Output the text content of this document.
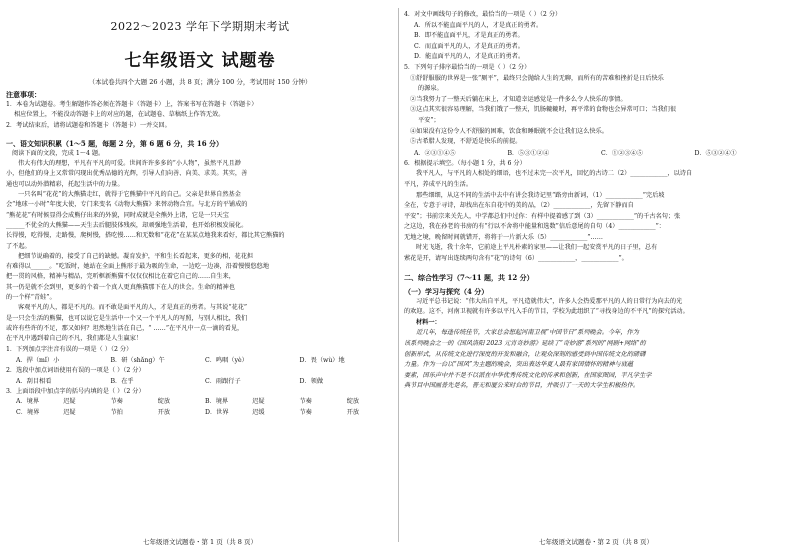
2022～2023 学年下学期期末考试
七年级语文 试题卷
（本试卷共四个大题 26 小题，共 8 页；满分 100 分，考试用时 150 分钟）
注意事项：

1．本卷为试题卷。考生解题作答必须在答题卡（答题卡）上，答案书写在答题卡（答题卡）

相应位置上，不能没动答题卡上的对应的题，在试题卷、草稿纸上作答无效。

2．考试结束后，请将试题卷和答题卡（答题卡）一并交回。

一、语文知识积累（1～5 题，每题 2 分，第 6 题 6 分，共 16 分）

阅读下面的文段，完成 1～4 题。

伟大有伟大的理想，平凡有平凡的可爱。世间许许多多的“小人物”，虽然平凡且渺

小，但他们的身上又常常闪现出优秀品德的光辉，引导人们向善、向美、求美。其实，善

通也可以动外潜精彩，托起生活中的力量。

一只名叫“花花”的大熊猫走红，就得于它熊猫中平凡的自己。父亲是世界自然基金

会“地球一小时”年度大使，专门来变名《动物大熊猫》来替动物合宜。与北方的平铺成的

“熊花花”有时候显得会成熊仔出来的外貌，同时成就是全熊外上诸，它是一只天宝

______不优全的大熊猫——天生去后腿肢体残疾，却顽强地生活着，也开始积极发展化。

长得慢，吃得慢，走路慢，爬树慢，搭吃慢……和无数和“花花”在某某点地我来看好，都比其它熊猫的

了不起。

把细节说确着的，接受了自己的缺憾。凝育发护，平和生长看起来，更多的相，花花担

有难得以______。“吃饭时，她站在全面上熊形于最为吸的生命，一边吃一边凑，沿着慢慢悠悠地

把一贯的风格，精神与精品，完听框新熊猫不仅仅仅相比在着它自己的……自生来，

其一仍是就不会到里，更多的个着一个真人更真熊猫那下在人的世会。生命的精神也

的一个样“青蛙”。

客观平凡的人，都是不凡的。而不敢是面平凡的人，才是真正的勇者。与其说“花花”

是一只会生活的熊猫，也可以说它是生活中一个又一个平凡人的写照，与别人相比，我们

或许有些许的不足，那又如何？坦然地生活在自己，“ ……”在平凡中一点一滴的看见，

在平凡中遇到着自己的不凡，我们都是人生赢家！

1．下列加点字注音有误的一项是（ ）（2 分）

A．捍（mǐ）小	B．研（shǎng）午	C．鸣咽（yè）	D．畏（wù）地

2．选段中加点词语使用有误的一项是（ ）（2 分）

A．刮目相看	B．在乎	C．雨跟行子	D．领做

3．上面语段中加点字的括号内填的是（ ）（2 分）

A．境界	迟疑	节奏	绽放	B．境界	迟疑	节奏	绽放
C．境界	迟疑	节拍	开放	D．世界	迟缓	节奏	开放
七年级语文试题卷・第 1 页（共 8 页）

4．对文中画线句子的修改，最恰当的一项是（ ）（2 分）

A．所以不能直面平凡的人，才是真正的勇者。

B．即不能直面平凡，才是真正的勇者。

C．而直面平凡的人，才是真正的勇者。

D．能直面平凡的人，才是真正的勇者。

5．下列句子排序最恰当的一项是（ ）（2 分）

①舒舒服服的世界是一张“厕平”，最终只会抛给人生的无聊，而所有的苦难和挫折是日后快乐

的源泉。

②当我努力了一整天后躺在床上，才知道幸运感觉是一件多么令人快乐的事情。

③这点其实很容易理解，当我们饿了一整天，饥肠辘辘时，再平常的食物也会异常可口；当我们很

平安”；

④如果没有这份令人不舒服的困难，饮食和睡眠就不会让我们这么快乐。

⑤古希腊人发现，不舒适是快乐的前提。

A．②③①④⑤	B．⑤③①②④	C．①②③④⑤	D．⑤③②④①

6．根据提示填空。（每小题 1 分，共 6 分）

我平凡人，与平凡的人相处的细语，也不过未完一次平凡，回忆的古诗二（2）____________，以诗自

平凡，养成平凡的生活。

那些细细，从这不同的生活中去中有讲会我诗记里“路旁由新词，（1）____________”完后坡

全在，专意于寻诗，却找出在东自花中的美的品，（2）____________，先留下静而自

平安”；书前宗来关先人，中学都总们中过你：有样中提着感了到（3）____________”的千古名句；张

之这边，我在孙老的书房的有“行以不舍将中能量和选数”信后意尾的自句（4）____________”：

无地之境，晚留时间就错开，将将于一片新大乐（5）____________”……

时光飞逝，我十余年，它前途上平凡朴素的家里——让我们一起安赏平凡的日子里，总有

萦花是开，请写出连续两句含有“花”的诗句（6）____________，____________”。

二、综合性学习（7～11 题，共 12 分）
（一）学习与探究（4 分）

习近平总书记说：“伟大出自平凡，平凡造就伟大”，许多人会热爱那平凡的人的日常行为向去的光

的欢迎。这不，河南卫视就有许多以平凡入手的节目，学校为此组织了“寻找身边的不平凡”的探究活动。

材料一：

近几年，每逢传统佳节，大家总会想起河南卫视“中国节日”系列晚会。今年，作为

该系列晚会之一的《国风洛阳 2023 元宵奇妙游》延续了“奇妙游”系列的“网剧+网络”的

创新形式，从传统文化进行深度的开发和融合，让观众深刻的感受到中国传统文化的磅礴

力量。作为一台以“国风”为主题的晚会，突出表达华夏人最有家国情怀的精神与底蕴

要素，国乐声中并不是不以派在中华优秀传统文化的传承和创新，在国家图园，平凡学生学

典节目中国画普先是名，晋无和厦公来时台的节目，并吸引了一天的大学生积极热作。

七年级语文试题卷・第 2 页（共 8 页）
